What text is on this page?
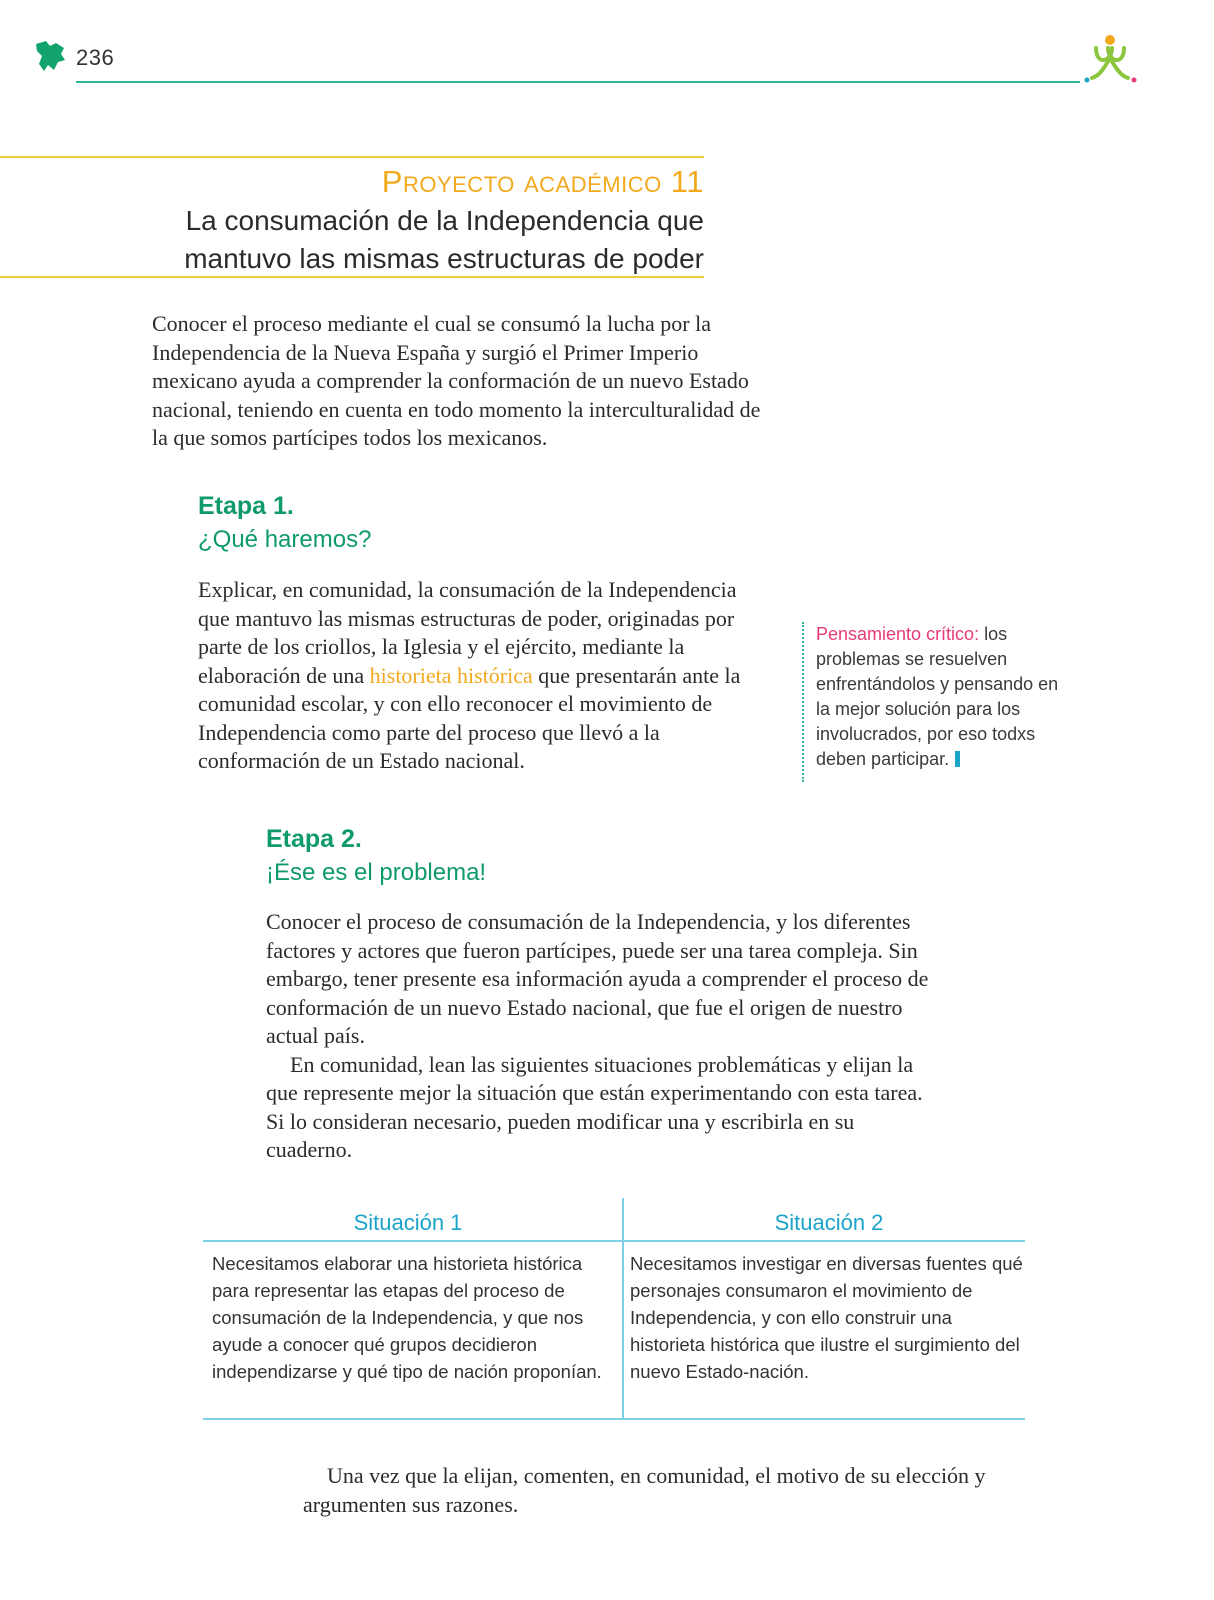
236
Proyecto académico 11
La consumación de la Independencia que mantuvo las mismas estructuras de poder
Conocer el proceso mediante el cual se consumó la lucha por la Independencia de la Nueva España y surgió el Primer Imperio mexicano ayuda a comprender la conformación de un nuevo Estado nacional, teniendo en cuenta en todo momento la interculturalidad de la que somos partícipes todos los mexicanos.
Etapa 1.
¿Qué haremos?
Explicar, en comunidad, la consumación de la Independencia que mantuvo las mismas estructuras de poder, originadas por parte de los criollos, la Iglesia y el ejército, mediante la elaboración de una historieta histórica que presentarán ante la comunidad escolar, y con ello reconocer el movimiento de Independencia como parte del proceso que llevó a la conformación de un Estado nacional.
Pensamiento crítico: los problemas se resuelven enfrentándolos y pensando en la mejor solución para los involucrados, por eso todxs deben participar.
Etapa 2.
¡Ése es el problema!
Conocer el proceso de consumación de la Independencia, y los diferentes factores y actores que fueron partícipes, puede ser una tarea compleja. Sin embargo, tener presente esa información ayuda a comprender el proceso de conformación de un nuevo Estado nacional, que fue el origen de nuestro actual país.
En comunidad, lean las siguientes situaciones problemáticas y elijan la que represente mejor la situación que están experimentando con esta tarea. Si lo consideran necesario, pueden modificar una y escribirla en su cuaderno.
Situación 1	Situación 2
Necesitamos elaborar una historieta histórica para representar las etapas del proceso de consumación de la Independencia, y que nos ayude a conocer qué grupos decidieron independizarse y qué tipo de nación proponían.
Necesitamos investigar en diversas fuentes qué personajes consumaron el movimiento de Independencia, y con ello construir una historieta histórica que ilustre el surgimiento del nuevo Estado-nación.
Una vez que la elijan, comenten, en comunidad, el motivo de su elección y argumenten sus razones.
